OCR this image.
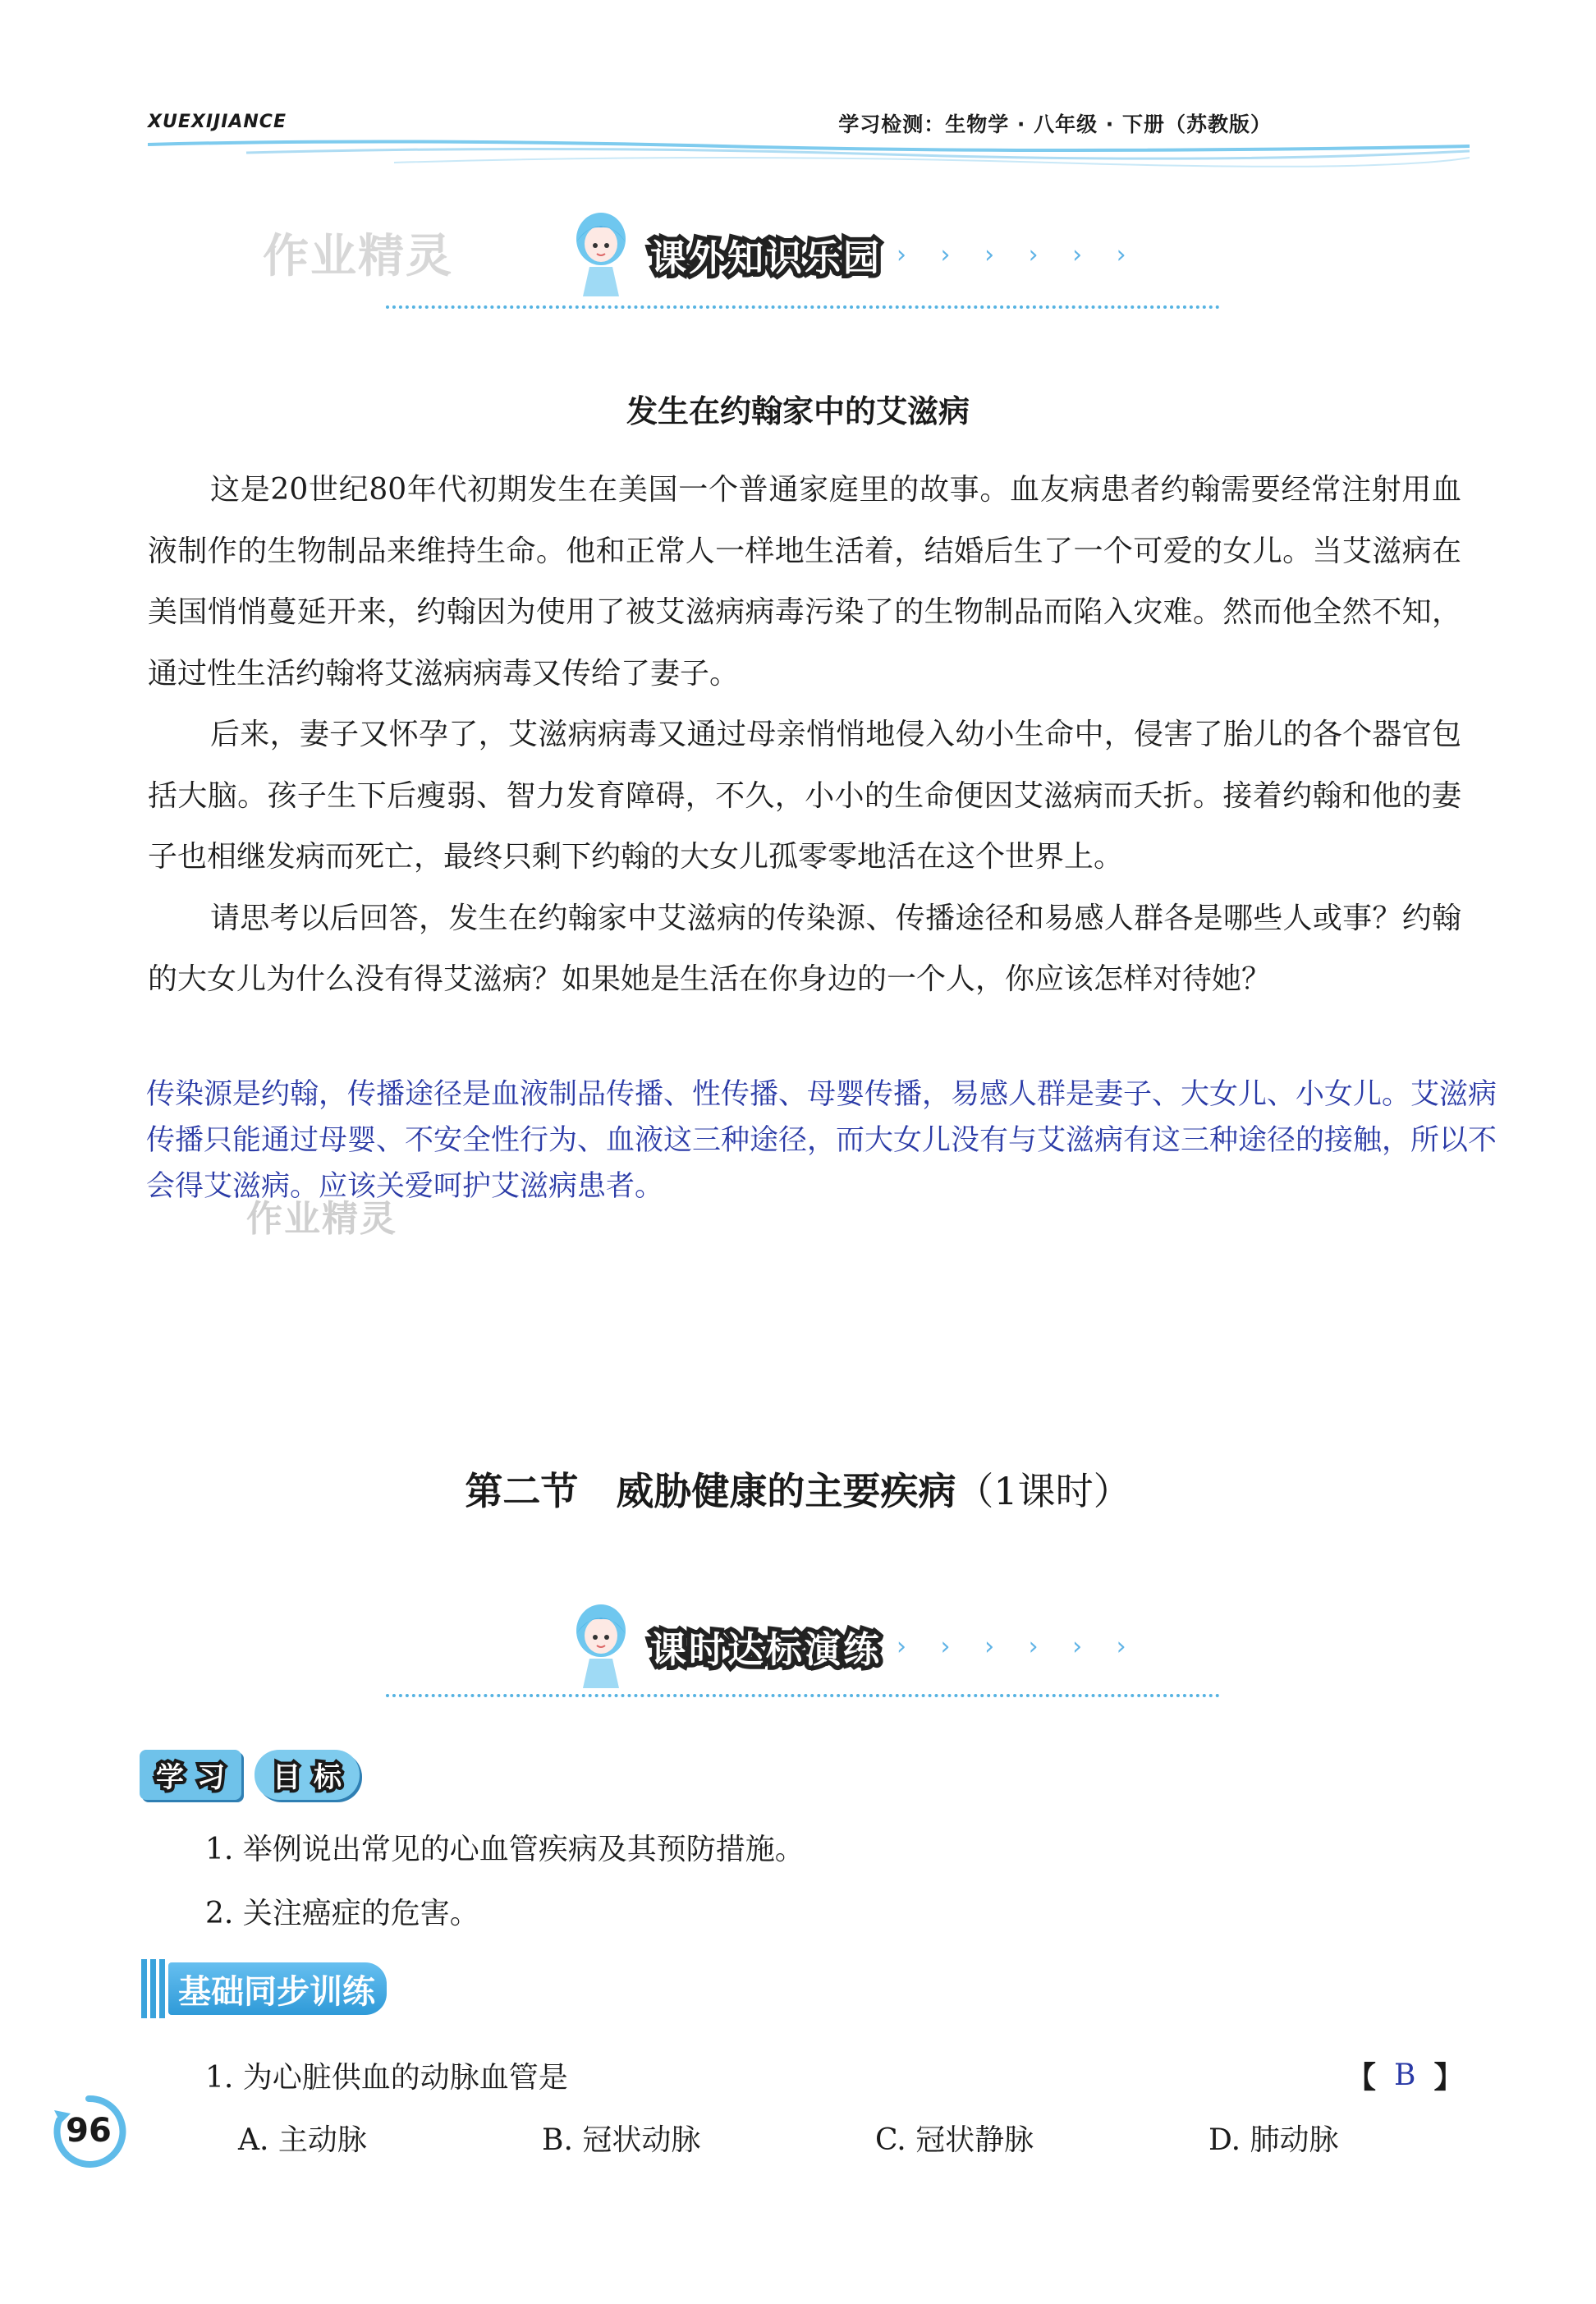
XUEXIJIANCE	学习检测：生物学 · 八年级 · 下册（苏教版）
作业精灵	课外知识乐园 › › › › › ›
发生在约翰家中的艾滋病

这是20世纪80年代初期发生在美国一个普通家庭里的故事。血友病患者约翰需要经常注射用血液制作的生物制品来维持生命。他和正常人一样地生活着，结婚后生了一个可爱的女儿。当艾滋病在美国悄悄蔓延开来，约翰因为使用了被艾滋病病毒污染了的生物制品而陷入灾难。然而他全然不知，通过性生活约翰将艾滋病病毒又传给了妻子。

后来，妻子又怀孕了，艾滋病病毒又通过母亲悄悄地侵入幼小生命中，侵害了胎儿的各个器官包括大脑。孩子生下后瘦弱、智力发育障碍，不久，小小的生命便因艾滋病而夭折。接着约翰和他的妻子也相继发病而死亡，最终只剩下约翰的大女儿孤零零地活在这个世界上。

请思考以后回答，发生在约翰家中艾滋病的传染源、传播途径和易感人群各是哪些人或事？约翰的大女儿为什么没有得艾滋病？如果她是生活在你身边的一个人，你应该怎样对待她？

传染源是约翰，传播途径是血液制品传播、性传播、母婴传播，易感人群是妻子、大女儿、小女儿。艾滋病传播只能通过母婴、不安全性行为、血液这三种途径，而大女儿没有与艾滋病有这三种途径的接触，所以不会得艾滋病。应该关爱呵护艾滋病患者。
作业精灵
第二节　威胁健康的主要疾病（1课时）
课时达标演练 › › › › › ›
学 习 目 标
1. 举例说出常见的心血管疾病及其预防措施。
2. 关注癌症的危害。
基础同步训练
1. 为心脏供血的动脉血管是	【 B 】
A. 主动脉	B. 冠状动脉	C. 冠状静脉	D. 肺动脉
96
